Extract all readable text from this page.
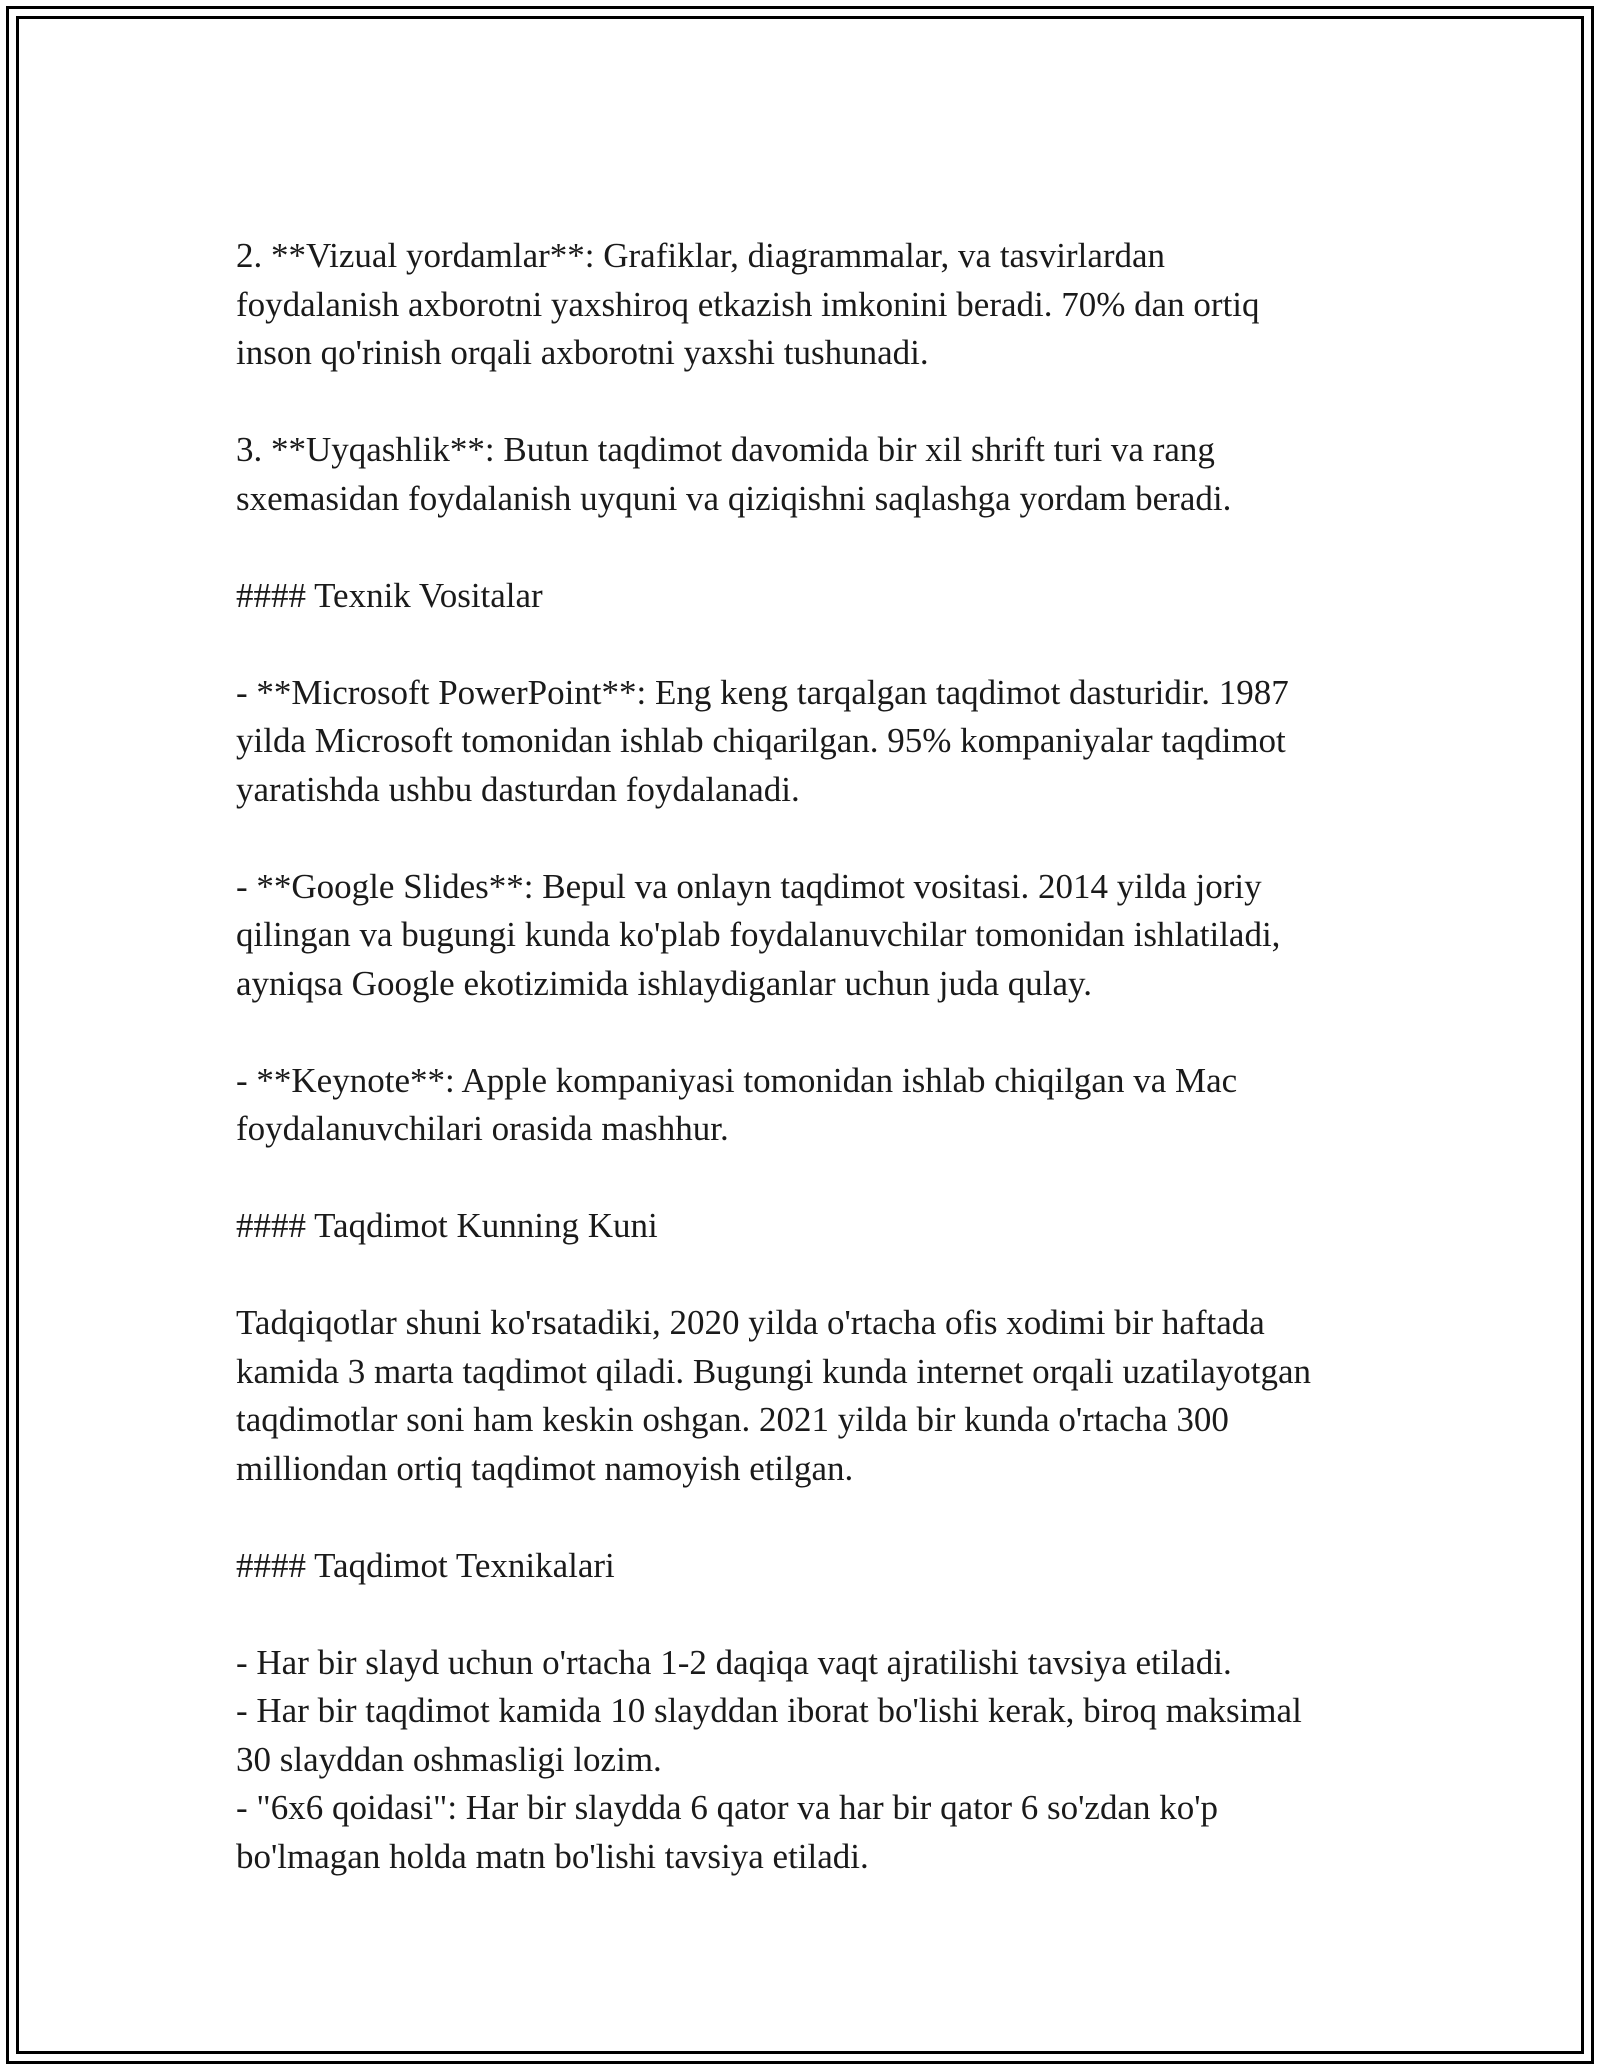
2. **Vizual yordamlar**: Grafiklar, diagrammalar, va tasvirlardan
foydalanish axborotni yaxshiroq etkazish imkonini beradi. 70% dan ortiq
inson qo'rinish orqali axborotni yaxshi tushunadi.

3. **Uyqashlik**: Butun taqdimot davomida bir xil shrift turi va rang
sxemasidan foydalanish uyquni va qiziqishni saqlashga yordam beradi.

#### Texnik Vositalar

- **Microsoft PowerPoint**: Eng keng tarqalgan taqdimot dasturidir. 1987
yilda Microsoft tomonidan ishlab chiqarilgan. 95% kompaniyalar taqdimot
yaratishda ushbu dasturdan foydalanadi.

- **Google Slides**: Bepul va onlayn taqdimot vositasi. 2014 yilda joriy
qilingan va bugungi kunda ko'plab foydalanuvchilar tomonidan ishlatiladi,
ayniqsa Google ekotizimida ishlaydiganlar uchun juda qulay.

- **Keynote**: Apple kompaniyasi tomonidan ishlab chiqilgan va Mac
foydalanuvchilari orasida mashhur.

#### Taqdimot Kunning Kuni

Tadqiqotlar shuni ko'rsatadiki, 2020 yilda o'rtacha ofis xodimi bir haftada
kamida 3 marta taqdimot qiladi. Bugungi kunda internet orqali uzatilayotgan
taqdimotlar soni ham keskin oshgan. 2021 yilda bir kunda o'rtacha 300
milliondan ortiq taqdimot namoyish etilgan.

#### Taqdimot Texnikalari

- Har bir slayd uchun o'rtacha 1-2 daqiqa vaqt ajratilishi tavsiya etiladi.
- Har bir taqdimot kamida 10 slayddan iborat bo'lishi kerak, biroq maksimal
30 slayddan oshmasligi lozim.
- "6x6 qoidasi": Har bir slaydda 6 qator va har bir qator 6 so'zdan ko'p
bo'lmagan holda matn bo'lishi tavsiya etiladi.
